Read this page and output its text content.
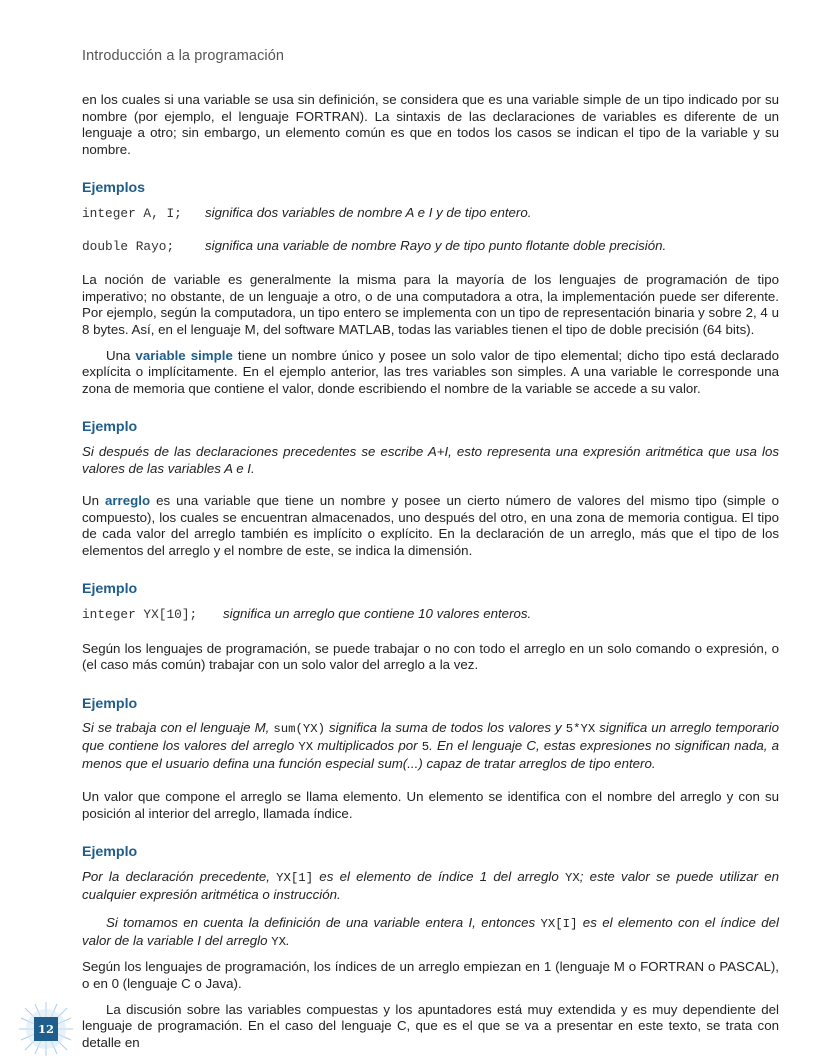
Introducción a la programación

en los cuales si una variable se usa sin definición, se considera que es una variable simple de un tipo indicado por su nombre (por ejemplo, el lenguaje FORTRAN). La sintaxis de las declaraciones de variables es diferente de un lenguaje a otro; sin embargo, un elemento común es que en todos los casos se indican el tipo de la variable y su nombre.

Ejemplos
integer A, I;	significa dos variables de nombre A e I y de tipo entero.
double Rayo;	significa una variable de nombre Rayo y de tipo punto flotante doble precisión.

La noción de variable es generalmente la misma para la mayoría de los lenguajes de programación de tipo imperativo; no obstante, de un lenguaje a otro, o de una computadora a otra, la implementación puede ser diferente. Por ejemplo, según la computadora, un tipo entero se implementa con un tipo de representación binaria y sobre 2, 4 u 8 bytes. Así, en el lenguaje M, del software MATLAB, todas las variables tienen el tipo de doble precisión (64 bits).

Una variable simple tiene un nombre único y posee un solo valor de tipo elemental; dicho tipo está declarado explícita o implícitamente. En el ejemplo anterior, las tres variables son simples. A una variable le corresponde una zona de memoria que contiene el valor, donde escribiendo el nombre de la variable se accede a su valor.

Ejemplo

Si después de las declaraciones precedentes se escribe A+I, esto representa una expresión aritmética que usa los valores de las variables A e I.

Un arreglo es una variable que tiene un nombre y posee un cierto número de valores del mismo tipo (simple o compuesto), los cuales se encuentran almacenados, uno después del otro, en una zona de memoria contigua. El tipo de cada valor del arreglo también es implícito o explícito. En la declaración de un arreglo, más que el tipo de los elementos del arreglo y el nombre de este, se indica la dimensión.

Ejemplo
integer YX[10];	significa un arreglo que contiene 10 valores enteros.

Según los lenguajes de programación, se puede trabajar o no con todo el arreglo en un solo comando o expresión, o (el caso más común) trabajar con un solo valor del arreglo a la vez.

Ejemplo

Si se trabaja con el lenguaje M, sum(YX) significa la suma de todos los valores y 5*YX significa un arreglo temporario que contiene los valores del arreglo YX multiplicados por 5. En el lenguaje C, estas expresiones no significan nada, a menos que el usuario defina una función especial sum(...) capaz de tratar arreglos de tipo entero.

Un valor que compone el arreglo se llama elemento. Un elemento se identifica con el nombre del arreglo y con su posición al interior del arreglo, llamada índice.

Ejemplo

Por la declaración precedente, YX[1] es el elemento de índice 1 del arreglo YX; este valor se puede utilizar en cualquier expresión aritmética o instrucción.

Si tomamos en cuenta la definición de una variable entera I, entonces YX[I] es el elemento con el índice del valor de la variable I del arreglo YX.

Según los lenguajes de programación, los índices de un arreglo empiezan en 1 (lenguaje M o FORTRAN o PASCAL), o en 0 (lenguaje C o Java).

La discusión sobre las variables compuestas y los apuntadores está muy extendida y es muy dependiente del lenguaje de programación. En el caso del lenguaje C, que es el que se va a presentar en este texto, se trata con detalle en

12
